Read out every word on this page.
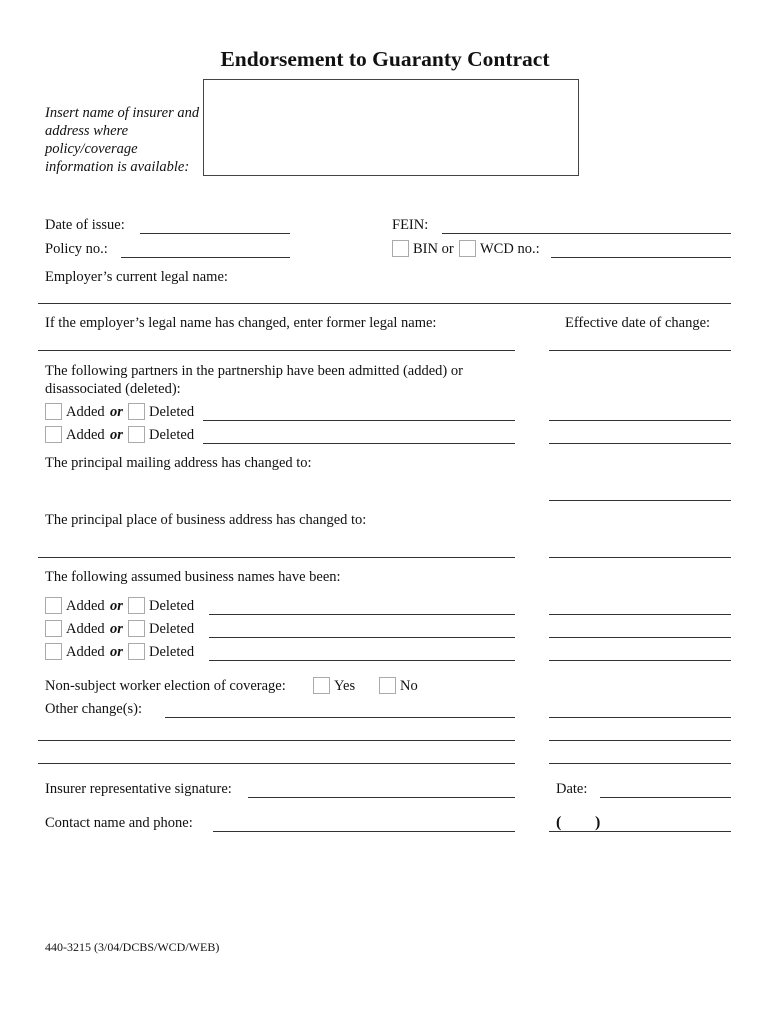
Endorsement to Guaranty Contract
Insert name of insurer and address where policy/coverage information is available:
Date of issue:	FEIN:
Policy no.:	BIN or WCD no.:
Employer’s current legal name:
If the employer’s legal name has changed, enter former legal name:	Effective date of change:
The following partners in the partnership have been admitted (added) or disassociated (deleted):
Added or Deleted
Added or Deleted
The principal mailing address has changed to:
The principal place of business address has changed to:
The following assumed business names have been:
Added or Deleted
Added or Deleted
Added or Deleted
Non-subject worker election of coverage:	Yes	No
Other change(s):
Insurer representative signature:	Date:
Contact name and phone:	( )
440-3215 (3/04/DCBS/WCD/WEB)
